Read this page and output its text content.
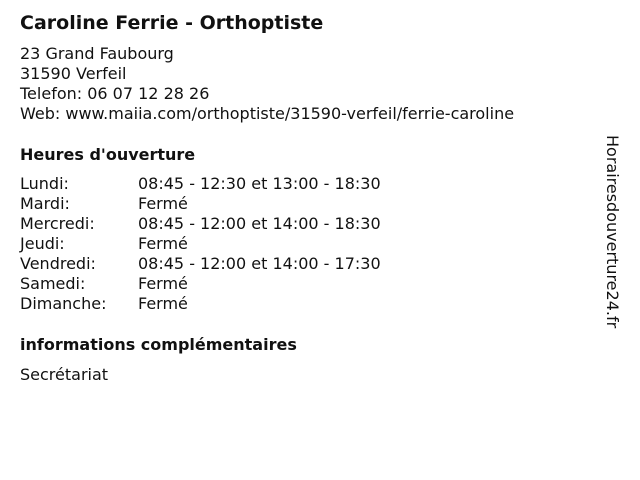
Caroline Ferrie - Orthoptiste
23 Grand Faubourg
31590 Verfeil
Telefon: 06 07 12 28 26
Web: www.maiia.com/orthoptiste/31590-verfeil/ferrie-caroline
Heures d'ouverture
Lundi:	08:45 - 12:30 et 13:00 - 18:30
Mardi:	Fermé
Mercredi:	08:45 - 12:00 et 14:00 - 18:30
Jeudi:	Fermé
Vendredi:	08:45 - 12:00 et 14:00 - 17:30
Samedi:	Fermé
Dimanche: Fermé
informations complémentaires
Secrétariat
Horairesdouverture24.fr
